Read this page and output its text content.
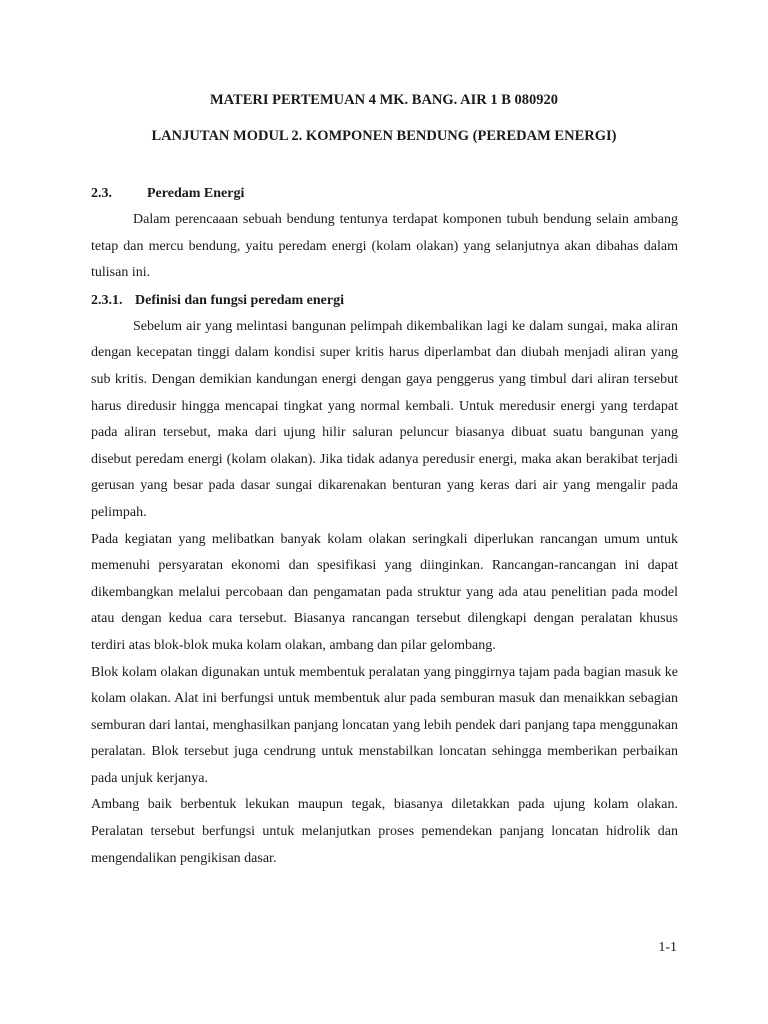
MATERI PERTEMUAN 4 MK. BANG. AIR 1 B 080920
LANJUTAN MODUL 2. KOMPONEN BENDUNG (PEREDAM ENERGI)
2.3.	Peredam Energi

Dalam perencaaan sebuah bendung tentunya terdapat komponen tubuh bendung selain ambang tetap dan mercu bendung, yaitu peredam energi (kolam olakan) yang selanjutnya akan dibahas dalam tulisan ini.

2.3.1. Definisi dan fungsi peredam energi

Sebelum air yang melintasi bangunan pelimpah dikembalikan lagi ke dalam sungai, maka aliran dengan kecepatan tinggi dalam kondisi super kritis harus diperlambat dan diubah menjadi aliran yang sub kritis. Dengan demikian kandungan energi dengan gaya penggerus yang timbul dari aliran tersebut harus diredusir hingga mencapai tingkat yang normal kembali. Untuk meredusir energi yang terdapat pada aliran tersebut, maka dari ujung hilir saluran peluncur biasanya dibuat suatu bangunan yang disebut peredam energi (kolam olakan). Jika tidak adanya peredusir energi, maka akan berakibat terjadi gerusan yang besar pada dasar sungai dikarenakan benturan yang keras dari air yang mengalir pada pelimpah.

Pada kegiatan yang melibatkan banyak kolam olakan seringkali diperlukan rancangan umum untuk memenuhi persyaratan ekonomi dan spesifikasi yang diinginkan. Rancangan-rancangan ini dapat dikembangkan melalui percobaan dan pengamatan pada struktur yang ada atau penelitian pada model atau dengan kedua cara tersebut. Biasanya rancangan tersebut dilengkapi dengan peralatan khusus terdiri atas blok-blok muka kolam olakan, ambang dan pilar gelombang.

Blok kolam olakan digunakan untuk membentuk peralatan yang pinggirnya tajam pada bagian masuk ke kolam olakan. Alat ini berfungsi untuk membentuk alur pada semburan masuk dan menaikkan sebagian semburan dari lantai, menghasilkan panjang loncatan yang lebih pendek dari panjang tapa menggunakan peralatan. Blok tersebut juga cendrung untuk menstabilkan loncatan sehingga memberikan perbaikan pada unjuk kerjanya.

Ambang baik berbentuk lekukan maupun tegak, biasanya diletakkan pada ujung kolam olakan. Peralatan tersebut berfungsi untuk melanjutkan proses pemendekan panjang loncatan hidrolik dan mengendalikan pengikisan dasar.

1-1
